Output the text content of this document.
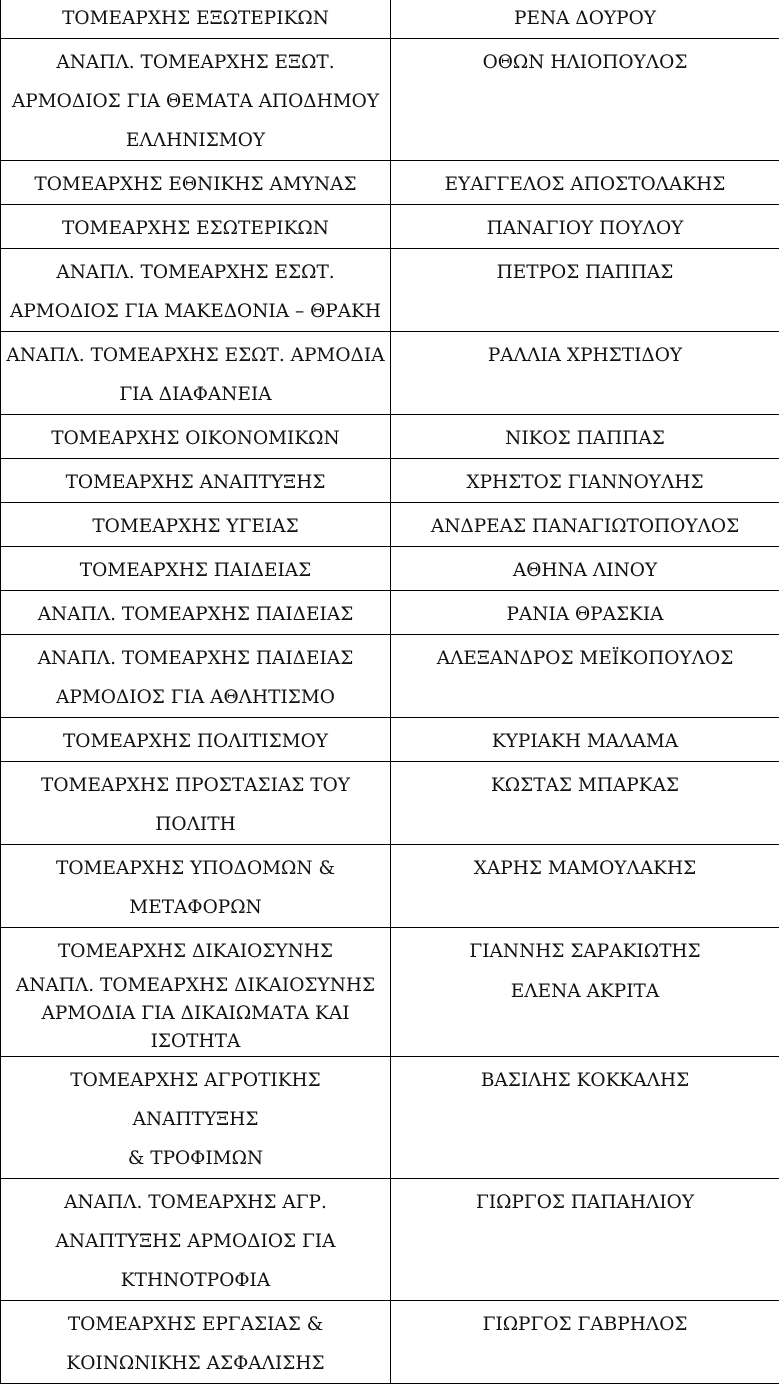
ΤΟΜΕΑΡΧΗΣ ΕΞΩΤΕΡΙΚΩΝ	ΡΕΝΑ ΔΟΥΡΟΥ
ΑΝΑΠΛ. ΤΟΜΕΑΡΧΗΣ ΕΞΩΤ.
ΑΡΜΟΔΙΟΣ ΓΙΑ ΘΕΜΑΤΑ ΑΠΟΔΗΜΟΥ
ΕΛΛΗΝΙΣΜΟΥ	ΟΘΩΝ ΗΛΙΟΠΟΥΛΟΣ
ΤΟΜΕΑΡΧΗΣ ΕΘΝΙΚΗΣ ΑΜΥΝΑΣ	ΕΥΑΓΓΕΛΟΣ ΑΠΟΣΤΟΛΑΚΗΣ
ΤΟΜΕΑΡΧΗΣ ΕΣΩΤΕΡΙΚΩΝ	ΠΑΝΑΓΙΟΥ ΠΟΥΛΟΥ
ΑΝΑΠΛ. ΤΟΜΕΑΡΧΗΣ ΕΣΩΤ.
ΑΡΜΟΔΙΟΣ ΓΙΑ ΜΑΚΕΔΟΝΙΑ – ΘΡΑΚΗ	ΠΕΤΡΟΣ ΠΑΠΠΑΣ
ΑΝΑΠΛ. ΤΟΜΕΑΡΧΗΣ ΕΣΩΤ. ΑΡΜΟΔΙΑ
ΓΙΑ ΔΙΑΦΑΝΕΙΑ	ΡΑΛΛΙΑ ΧΡΗΣΤΙΔΟΥ
ΤΟΜΕΑΡΧΗΣ ΟΙΚΟΝΟΜΙΚΩΝ	ΝΙΚΟΣ ΠΑΠΠΑΣ
ΤΟΜΕΑΡΧΗΣ ΑΝΑΠΤΥΞΗΣ	ΧΡΗΣΤΟΣ ΓΙΑΝΝΟΥΛΗΣ
ΤΟΜΕΑΡΧΗΣ ΥΓΕΙΑΣ	ΑΝΔΡΕΑΣ ΠΑΝΑΓΙΩΤΟΠΟΥΛΟΣ
ΤΟΜΕΑΡΧΗΣ ΠΑΙΔΕΙΑΣ	ΑΘΗΝΑ ΛΙΝΟΥ
ΑΝΑΠΛ. ΤΟΜΕΑΡΧΗΣ ΠΑΙΔΕΙΑΣ	ΡΑΝΙΑ ΘΡΑΣΚΙΑ
ΑΝΑΠΛ. ΤΟΜΕΑΡΧΗΣ ΠΑΙΔΕΙΑΣ
ΑΡΜΟΔΙΟΣ ΓΙΑ ΑΘΛΗΤΙΣΜΟ	ΑΛΕΞΑΝΔΡΟΣ ΜΕΪΚΟΠΟΥΛΟΣ
ΤΟΜΕΑΡΧΗΣ ΠΟΛΙΤΙΣΜΟΥ	ΚΥΡΙΑΚΗ ΜΑΛΑΜΑ
ΤΟΜΕΑΡΧΗΣ ΠΡΟΣΤΑΣΙΑΣ ΤΟΥ
ΠΟΛΙΤΗ	ΚΩΣΤΑΣ ΜΠΑΡΚΑΣ
ΤΟΜΕΑΡΧΗΣ ΥΠΟΔΟΜΩΝ &
ΜΕΤΑΦΟΡΩΝ	ΧΑΡΗΣ ΜΑΜΟΥΛΑΚΗΣ

ΤΟΜΕΑΡΧΗΣ ΔΙΚΑΙΟΣΥΝΗΣ
ΑΝΑΠΛ. ΤΟΜΕΑΡΧΗΣ ΔΙΚΑΙΟΣΥΝΗΣ
ΑΡΜΟΔΙΑ ΓΙΑ ΔΙΚΑΙΩΜΑΤΑ ΚΑΙ
ΙΣΟΤΗΤΑ	ΓΙΑΝΝΗΣ ΣΑΡΑΚΙΩΤΗΣ
ΕΛΕΝΑ ΑΚΡΙΤΑ
ΤΟΜΕΑΡΧΗΣ ΑΓΡΟΤΙΚΗΣ ΑΝΑΠΤΥΞΗΣ
& ΤΡΟΦΙΜΩΝ	ΒΑΣΙΛΗΣ ΚΟΚΚΑΛΗΣ
ΑΝΑΠΛ. ΤΟΜΕΑΡΧΗΣ ΑΓΡ.
ΑΝΑΠΤΥΞΗΣ ΑΡΜΟΔΙΟΣ ΓΙΑ
ΚΤΗΝΟΤΡΟΦΙΑ	ΓΙΩΡΓΟΣ ΠΑΠΑΗΛΙΟΥ
ΤΟΜΕΑΡΧΗΣ ΕΡΓΑΣΙΑΣ &
ΚΟΙΝΩΝΙΚΗΣ ΑΣΦΑΛΙΣΗΣ	ΓΙΩΡΓΟΣ ΓΑΒΡΗΛΟΣ
